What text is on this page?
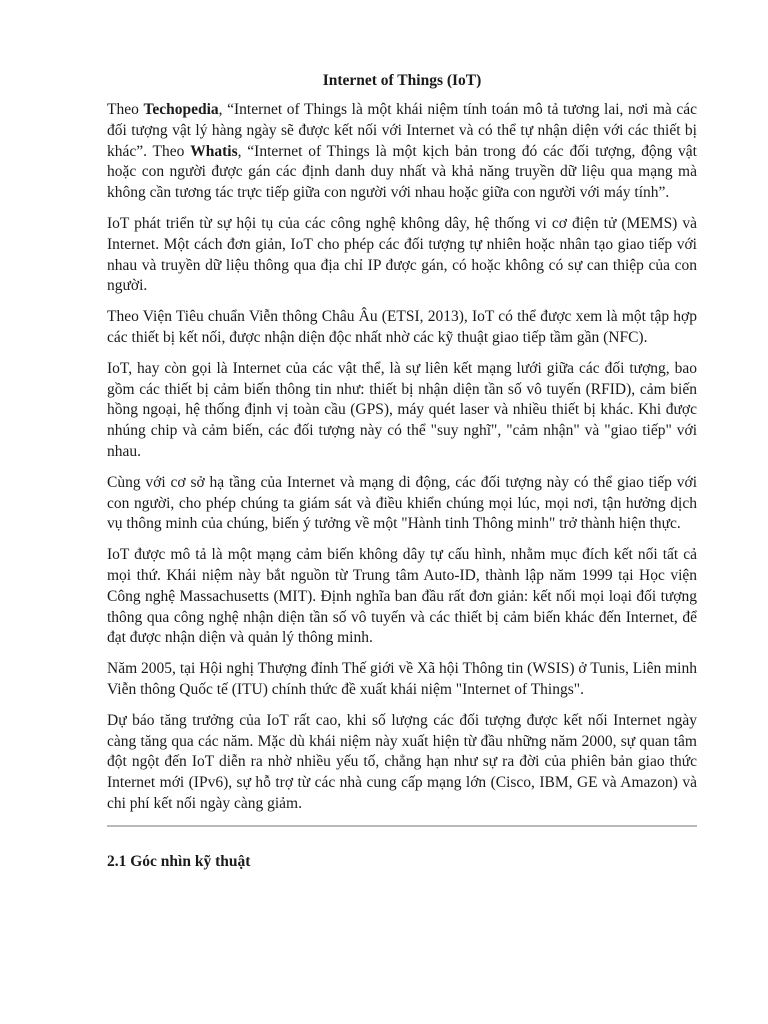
Internet of Things (IoT)

Theo Techopedia, “Internet of Things là một khái niệm tính toán mô tả tương lai, nơi mà các đối tượng vật lý hàng ngày sẽ được kết nối với Internet và có thể tự nhận diện với các thiết bị khác”. Theo Whatis, “Internet of Things là một kịch bản trong đó các đối tượng, động vật hoặc con người được gán các định danh duy nhất và khả năng truyền dữ liệu qua mạng mà không cần tương tác trực tiếp giữa con người với nhau hoặc giữa con người với máy tính”.

IoT phát triển từ sự hội tụ của các công nghệ không dây, hệ thống vi cơ điện tử (MEMS) và Internet. Một cách đơn giản, IoT cho phép các đối tượng tự nhiên hoặc nhân tạo giao tiếp với nhau và truyền dữ liệu thông qua địa chỉ IP được gán, có hoặc không có sự can thiệp của con người.

Theo Viện Tiêu chuẩn Viễn thông Châu Âu (ETSI, 2013), IoT có thể được xem là một tập hợp các thiết bị kết nối, được nhận diện độc nhất nhờ các kỹ thuật giao tiếp tầm gần (NFC).

IoT, hay còn gọi là Internet của các vật thể, là sự liên kết mạng lưới giữa các đối tượng, bao gồm các thiết bị cảm biến thông tin như: thiết bị nhận diện tần số vô tuyến (RFID), cảm biến hồng ngoại, hệ thống định vị toàn cầu (GPS), máy quét laser và nhiều thiết bị khác. Khi được nhúng chip và cảm biến, các đối tượng này có thể "suy nghĩ", "cảm nhận" và "giao tiếp" với nhau.

Cùng với cơ sở hạ tầng của Internet và mạng di động, các đối tượng này có thể giao tiếp với con người, cho phép chúng ta giám sát và điều khiển chúng mọi lúc, mọi nơi, tận hưởng dịch vụ thông minh của chúng, biến ý tưởng về một "Hành tinh Thông minh" trở thành hiện thực.

IoT được mô tả là một mạng cảm biến không dây tự cấu hình, nhằm mục đích kết nối tất cả mọi thứ. Khái niệm này bắt nguồn từ Trung tâm Auto-ID, thành lập năm 1999 tại Học viện Công nghệ Massachusetts (MIT). Định nghĩa ban đầu rất đơn giản: kết nối mọi loại đối tượng thông qua công nghệ nhận diện tần số vô tuyến và các thiết bị cảm biến khác đến Internet, để đạt được nhận diện và quản lý thông minh.

Năm 2005, tại Hội nghị Thượng đỉnh Thế giới về Xã hội Thông tin (WSIS) ở Tunis, Liên minh Viễn thông Quốc tế (ITU) chính thức đề xuất khái niệm "Internet of Things".

Dự báo tăng trưởng của IoT rất cao, khi số lượng các đối tượng được kết nối Internet ngày càng tăng qua các năm. Mặc dù khái niệm này xuất hiện từ đầu những năm 2000, sự quan tâm đột ngột đến IoT diễn ra nhờ nhiều yếu tố, chẳng hạn như sự ra đời của phiên bản giao thức Internet mới (IPv6), sự hỗ trợ từ các nhà cung cấp mạng lớn (Cisco, IBM, GE và Amazon) và chi phí kết nối ngày càng giảm.

2.1 Góc nhìn kỹ thuật
